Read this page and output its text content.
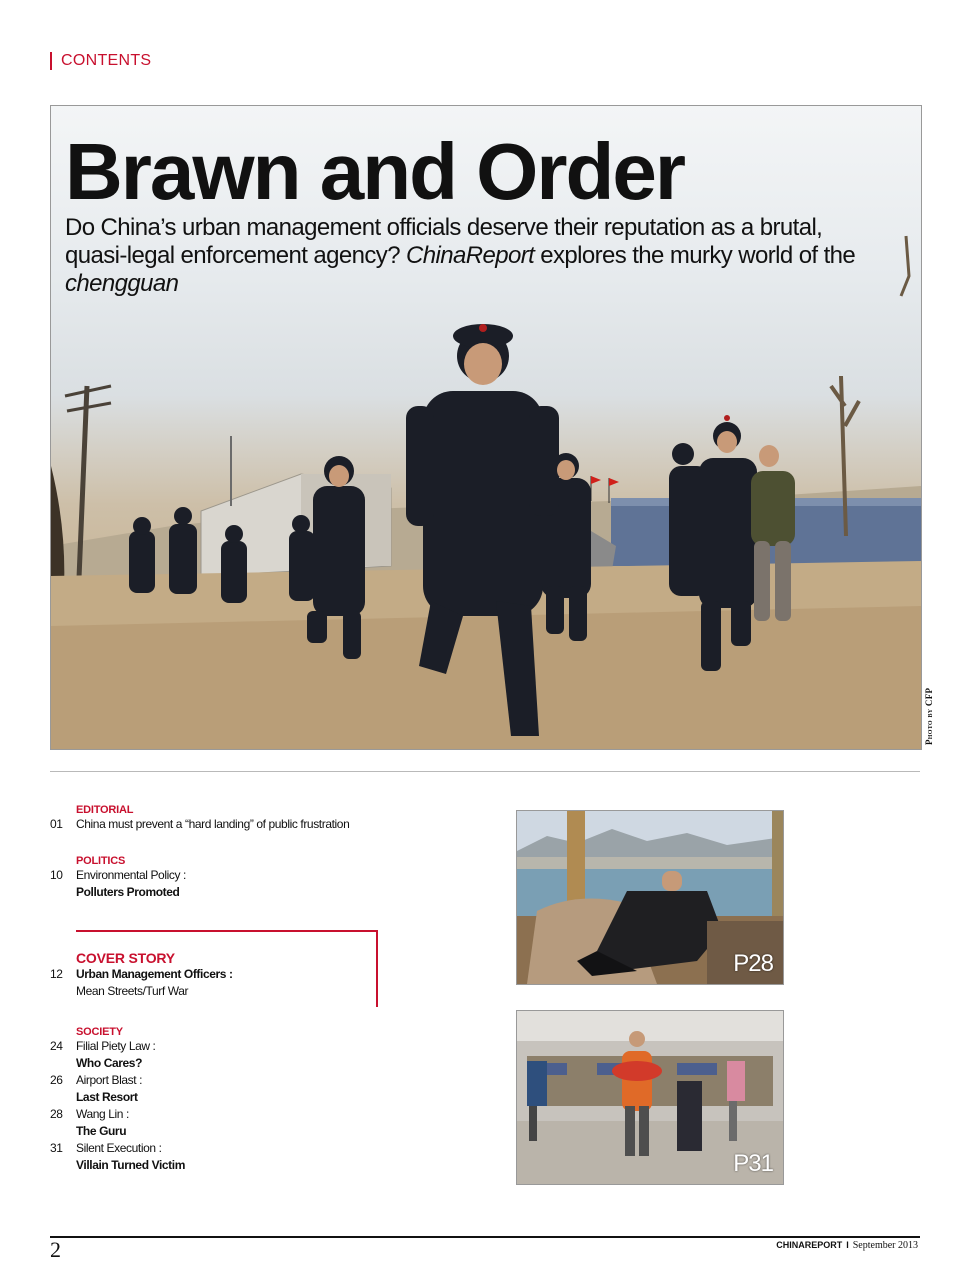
CONTENTS
Brawn and Order

Do China’s urban management officials deserve their reputation as a brutal, quasi-legal enforcement agency? ChinaReport explores the murky world of the chengguan

Photo by CFP
EDITORIAL
01	China must prevent a “hard landing” of public frustration
POLITICS
10	Environmental Policy :
Polluters Promoted
COVER STORY
12	Urban Management Officers :
Mean Streets/Turf War
SOCIETY
24	Filial Piety Law :
Who Cares?
26	Airport Blast :
Last Resort
28	Wang Lin :
The Guru
31	Silent Execution :
Villain Turned Victim
P28
P31
2	CHINAREPORT I September 2013
